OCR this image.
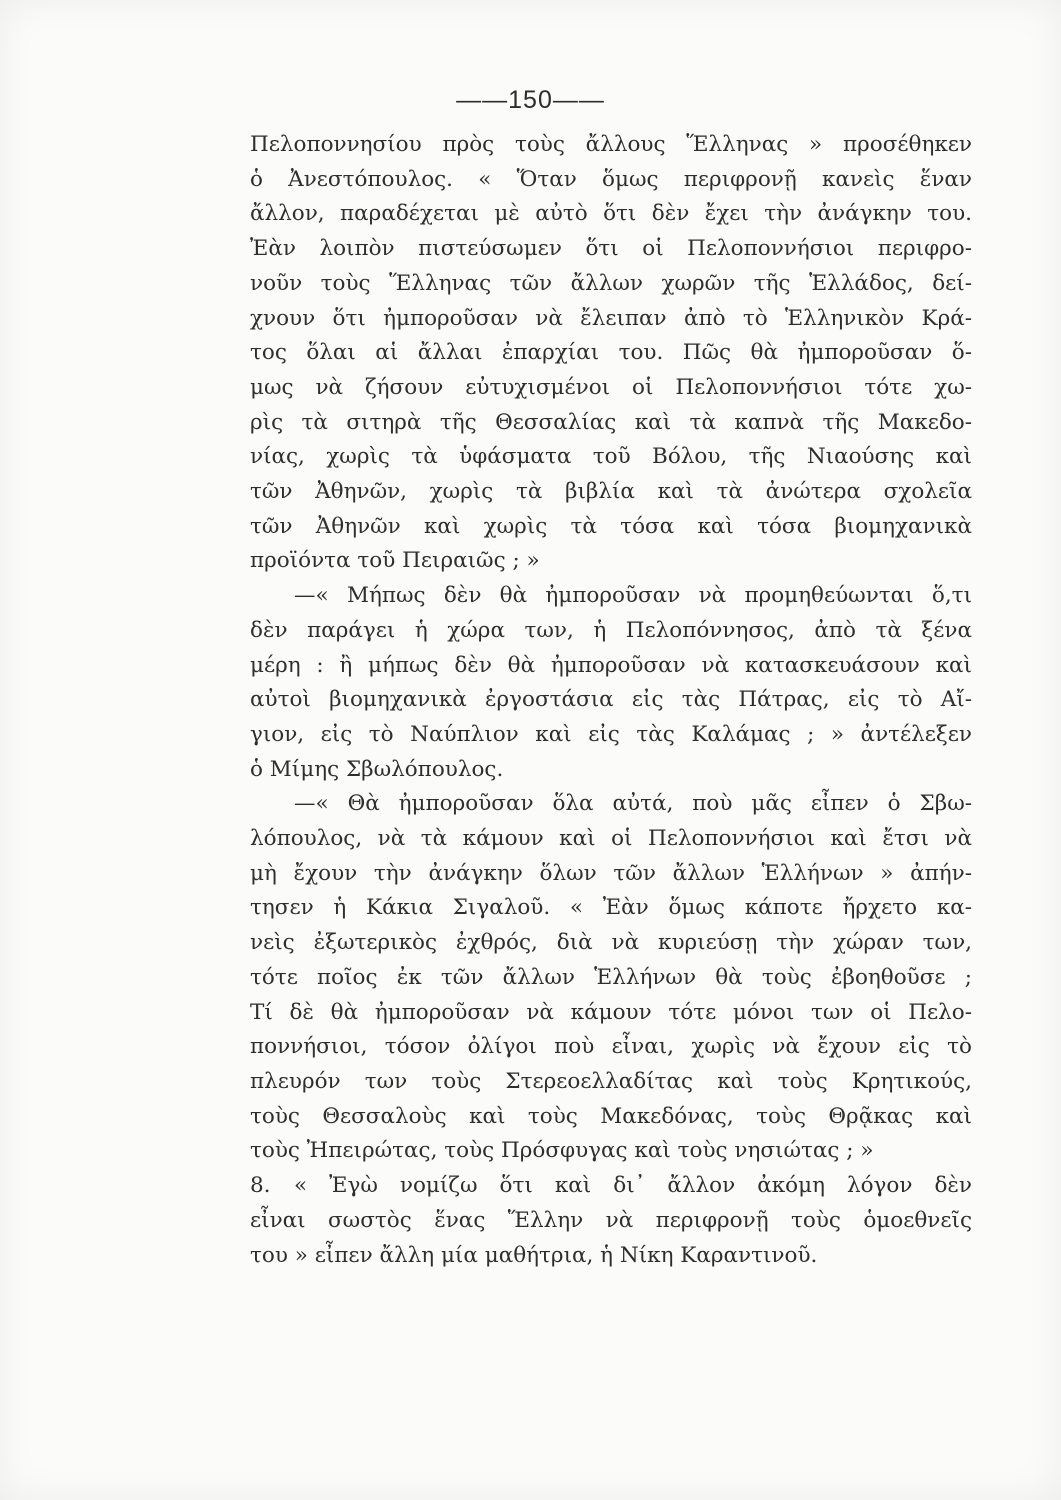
——150——

Πελοποννησίου πρὸς τοὺς ἄλλους Ἕλληνας » προσέθηκεν
ὁ Ἀνεστόπουλος. « Ὅταν ὅμως περιφρονῇ κανεὶς ἕναν
ἄλλον, παραδέχεται μὲ αὐτὸ ὅτι δὲν ἔχει τὴν ἀνάγκην του.
Ἐὰν λοιπὸν πιστεύσωμεν ὅτι οἱ Πελοποννήσιοι περιφρο-
νοῦν τοὺς Ἕλληνας τῶν ἄλλων χωρῶν τῆς Ἑλλάδος, δεί-
χνουν ὅτι ἠμποροῦσαν νὰ ἔλειπαν ἀπὸ τὸ Ἑλληνικὸν Κρά-
τος ὅλαι αἱ ἄλλαι ἐπαρχίαι του. Πῶς θὰ ἠμποροῦσαν ὅ-
μως νὰ ζήσουν εὐτυχισμένοι οἱ Πελοποννήσιοι τότε χω-
ρὶς τὰ σιτηρὰ τῆς Θεσσαλίας καὶ τὰ καπνὰ τῆς Μακεδο-
νίας, χωρὶς τὰ ὑφάσματα τοῦ Βόλου, τῆς Νιαούσης καὶ
τῶν Ἀθηνῶν, χωρὶς τὰ βιβλία καὶ τὰ ἀνώτερα σχολεῖα
τῶν Ἀθηνῶν καὶ χωρὶς τὰ τόσα καὶ τόσα βιομηχανικὰ
προϊόντα τοῦ Πειραιῶς ; »

—« Μήπως δὲν θὰ ἠμποροῦσαν νὰ προμηθεύωνται ὅ,τι
δὲν παράγει ἡ χώρα των, ἡ Πελοπόννησος, ἀπὸ τὰ ξένα
μέρη : ἢ μήπως δὲν θὰ ἠμποροῦσαν νὰ κατασκευάσουν καὶ
αὐτοὶ βιομηχανικὰ ἐργοστάσια εἰς τὰς Πάτρας, εἰς τὸ Αἴ-
γιον, εἰς τὸ Ναύπλιον καὶ εἰς τὰς Καλάμας ; » ἀντέλεξεν
ὁ Μίμης Σβωλόπουλος.

—« Θὰ ἠμποροῦσαν ὅλα αὐτά, ποὺ μᾶς εἶπεν ὁ Σβω-
λόπουλος, νὰ τὰ κάμουν καὶ οἱ Πελοποννήσιοι καὶ ἔτσι νὰ
μὴ ἔχουν τὴν ἀνάγκην ὅλων τῶν ἄλλων Ἑλλήνων » ἀπήν-
τησεν ἡ Κάκια Σιγαλοῦ. « Ἐὰν ὅμως κάποτε ἤρχετο κα-
νεὶς ἐξωτερικὸς ἐχθρός, διὰ νὰ κυριεύσῃ τὴν χώραν των,
τότε ποῖος ἐκ τῶν ἄλλων Ἑλλήνων θὰ τοὺς ἐβοηθοῦσε ;
Τί δὲ θὰ ἠμποροῦσαν νὰ κάμουν τότε μόνοι των οἱ Πελο-
ποννήσιοι, τόσον ὀλίγοι ποὺ εἶναι, χωρὶς νὰ ἔχουν εἰς τὸ
πλευρόν των τοὺς Στερεοελλαδίτας καὶ τοὺς Κρητικούς,
τοὺς Θεσσαλοὺς καὶ τοὺς Μακεδόνας, τοὺς Θρᾷκας καὶ
τοὺς Ἠπειρώτας, τοὺς Πρόσφυγας καὶ τοὺς νησιώτας ; »

8. « Ἐγὼ νομίζω ὅτι καὶ δι᾽ ἄλλον ἀκόμη λόγον δὲν
εἶναι σωστὸς ἕνας Ἕλλην νὰ περιφρονῇ τοὺς ὁμοεθνεῖς
του » εἶπεν ἄλλη μία μαθήτρια, ἡ Νίκη Καραντινοῦ.
